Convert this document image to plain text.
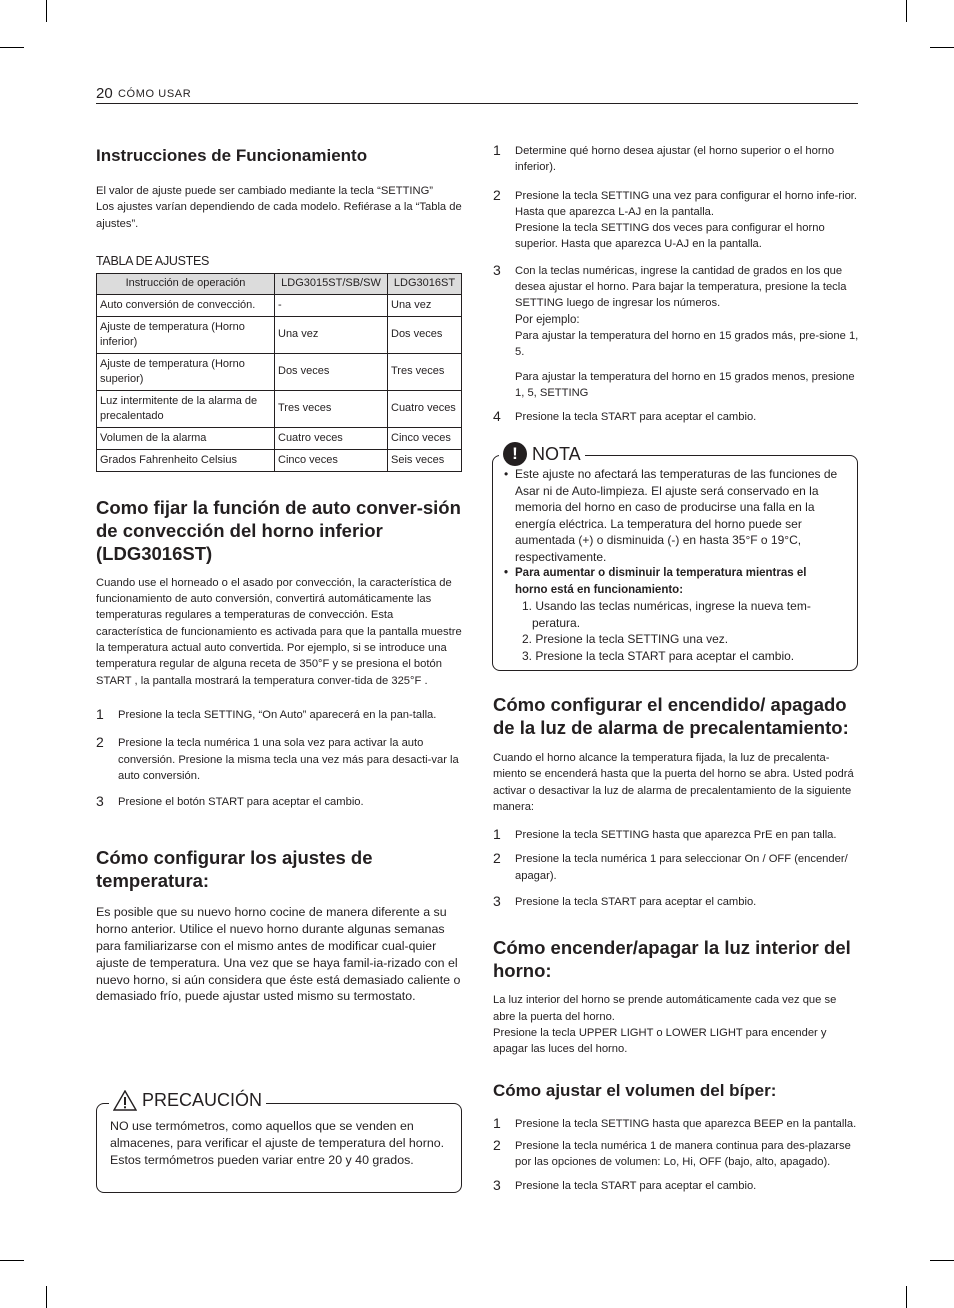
20 CÓMO USAR
Instrucciones de Funcionamiento
El valor de ajuste puede ser cambiado mediante la tecla “SETTING”
Los ajustes varían dependiendo de cada modelo. Refiérase a la “Tabla de ajustes”.
TABLA DE AJUSTES
Instrucción de operación	LDG3015ST/SB/SW	LDG3016ST
Auto conversión de convección.	-	Una vez
Ajuste de temperatura (Horno inferior)	Una vez	Dos veces
Ajuste de temperatura (Horno superior)	Dos veces	Tres veces
Luz intermitente de la alarma de precalentado	Tres veces	Cuatro veces
Volumen de la alarma	Cuatro veces	Cinco veces
Grados Fahrenheito Celsius	Cinco veces	Seis veces
Como fijar la función de auto conver-sión de convección del horno inferior (LDG3016ST)
Cuando use el horneado o el asado por convección, la característica de funcionamiento de auto conversión, convertirá automáticamente las temperaturas regulares a temperaturas de convección. Esta característica de funcionamiento es activada para que la pantalla muestre la temperatura actual auto convertida. Por ejemplo, si se introduce una temperatura regular de alguna receta de 350°F y se presiona el botón START , la pantalla mostrará la temperatura conver-tida de 325°F .
1 Presione la tecla SETTING, “On Auto” aparecerá en la pan-talla.
2 Presione la tecla numérica 1 una sola vez para activar la auto conversión. Presione la misma tecla una vez más para desacti-var la auto conversión.
3 Presione el botón START para aceptar el cambio.
Cómo configurar los ajustes de temperatura:
Es posible que su nuevo horno cocine de manera diferente a su horno anterior. Utilice el nuevo horno durante algunas semanas para familiarizarse con el mismo antes de modificar cual-quier ajuste de temperatura. Una vez que se haya famil-ia-rizado con el nuevo horno, si aún considera que éste está demasiado caliente o demasiado frío, puede ajustar usted mismo su termostato.
PRECAUCIÓN
NO use termómetros, como aquellos que se venden en almacenes, para verificar el ajuste de temperatura del horno. Estos termómetros pueden variar entre 20 y 40 grados.
1 Determine qué horno desea ajustar (el horno superior o el horno inferior).
2 Presione la tecla SETTING una vez para configurar el horno infe-rior. Hasta que aparezca L-AJ en la pantalla.
Presione la tecla SETTING dos veces para configurar el horno superior. Hasta que aparezca U-AJ en la pantalla.
3 Con la teclas numéricas, ingrese la cantidad de grados en los que desea ajustar el horno. Para bajar la temperatura, presione la tecla SETTING luego de ingresar los números.
Por ejemplo:
Para ajustar la temperatura del horno en 15 grados más, pre-sione 1, 5.
Para ajustar la temperatura del horno en 15 grados menos, presione 1, 5, SETTING
4 Presione la tecla START para aceptar el cambio.
! NOTA
• Este ajuste no afectará las temperaturas de las funciones de Asar ni de Auto-limpieza. El ajuste será conservado en la memoria del horno en caso de producirse una falla en la energía eléctrica. La temperatura del horno puede ser aumentada (+) o disminuida (-) en hasta 35°F o 19°C, respectivamente.
• Para aumentar o disminuir la temperatura mientras el horno está en funcionamiento:
1. Usando las teclas numéricas, ingrese la nueva tem-peratura.
2. Presione la tecla SETTING una vez.
3. Presione la tecla START para aceptar el cambio.
Cómo configurar el encendido/ apagado de la luz de alarma de precalentamiento:
Cuando el horno alcance la temperatura fijada, la luz de precalenta-miento se encenderá hasta que la puerta del horno se abra. Usted podrá activar o desactivar la luz de alarma de precalentamiento de la siguiente manera:
1 Presione la tecla SETTING hasta que aparezca PrE en pan talla.
2 Presione la tecla numérica 1 para seleccionar On / OFF (encender/ apagar).
3 Presione la tecla START para aceptar el cambio.
Cómo encender/apagar la luz interior del horno:
La luz interior del horno se prende automáticamente cada vez que se abre la puerta del horno.
Presione la tecla UPPER LIGHT o LOWER LIGHT para encender y apagar las luces del horno.
Cómo ajustar el volumen del bíper:
1 Presione la tecla SETTING hasta que aparezca BEEP en la pantalla.
2 Presione la tecla numérica 1 de manera continua para des-plazarse por las opciones de volumen: Lo, Hi, OFF (bajo, alto, apagado).
3 Presione la tecla START para aceptar el cambio.
